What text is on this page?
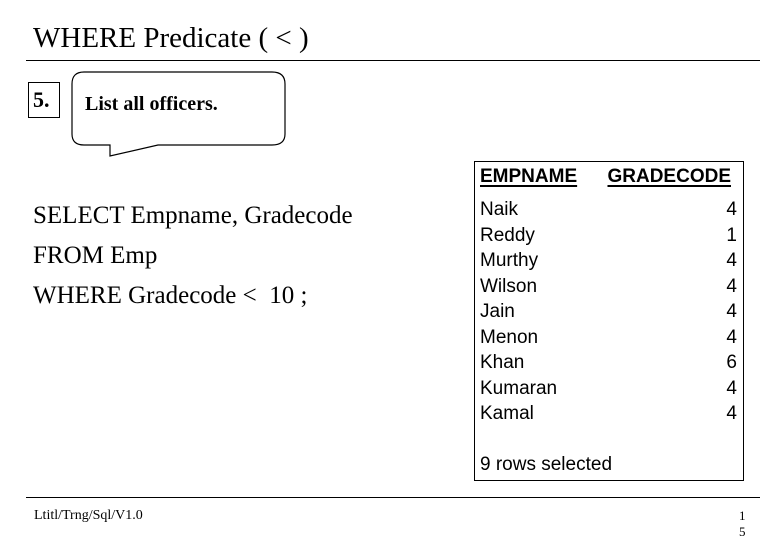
WHERE Predicate ( < )
5.	List all officers.
SELECT Empname, Gradecode
FROM Emp
WHERE Gradecode <  10 ;
EMPNAME GRADECODE
Naik	4
Reddy	1
Murthy	4
Wilson	4
Jain	4
Menon	4
Khan	6
Kumaran	4
Kamal	4
9 rows selected
Ltitl/Trng/Sql/V1.0	15
